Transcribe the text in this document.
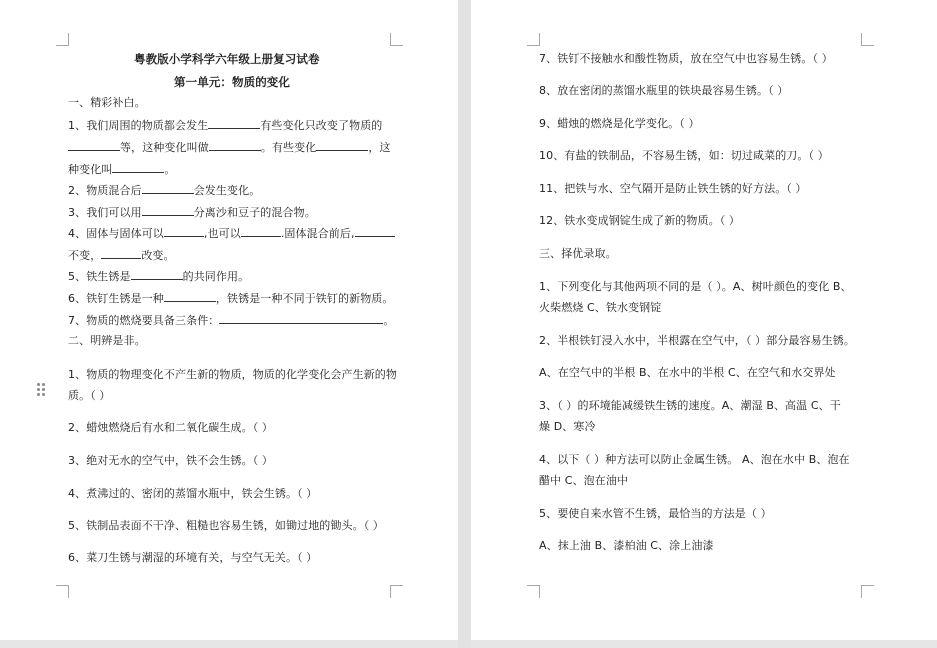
粤教版小学科学六年级上册复习试卷
第一单元：物质的变化
一、精彩补白。
1、我们周围的物质都会发生	有些变化只改变了物质的
等，这种变化叫做	。有些变化	，这
种变化叫	。
2、物质混合后	会发生变化。
3、我们可以用	分离沙和豆子的混合物。
4、固体与固体可以	,也可以	.固体混合前后,
不变，	改变。
5、铁生锈是	的共同作用。
6、铁钉生锈是一种	，铁锈是一种不同于铁钉的新物质。
7、物质的燃烧要具备三条件：	。
二、明辨是非。
1、物质的物理变化不产生新的物质，物质的化学变化会产生新的物
质。（ ）
2、蜡烛燃烧后有水和二氧化碳生成。（ ）
3、绝对无水的空气中，铁不会生锈。（ ）
4、煮沸过的、密闭的蒸馏水瓶中，铁会生锈。（ ）
5、铁制品表面不干净、粗糙也容易生锈，如锄过地的锄头。（ ）
6、菜刀生锈与潮湿的环境有关，与空气无关。（ ）
7、铁钉不接触水和酸性物质，放在空气中也容易生锈。（ ）
8、放在密闭的蒸馏水瓶里的铁块最容易生锈。（ ）
9、蜡烛的燃烧是化学变化。（ ）
10、有盐的铁制品，不容易生锈，如：切过咸菜的刀。（ ）
11、把铁与水、空气隔开是防止铁生锈的好方法。（ ）
12、铁水变成钢锭生成了新的物质。（ ）
三、择优录取。
1、下列变化与其他两项不同的是（ ）。A、树叶颜色的变化 B、
火柴燃烧 C、铁水变钢锭
2、半根铁钉浸入水中，半根露在空气中，（ ）部分最容易生锈。
A、在空气中的半根 B、在水中的半根 C、在空气和水交界处
3、（ ）的环境能减缓铁生锈的速度。A、潮湿 B、高温 C、干
燥 D、寒冷
4、以下（ ）种方法可以防止金属生锈。 A、泡在水中 B、泡在
醋中 C、泡在油中
5、要使自来水管不生锈，最恰当的方法是（ ）
A、抹上油 B、漆柏油 C、涂上油漆
